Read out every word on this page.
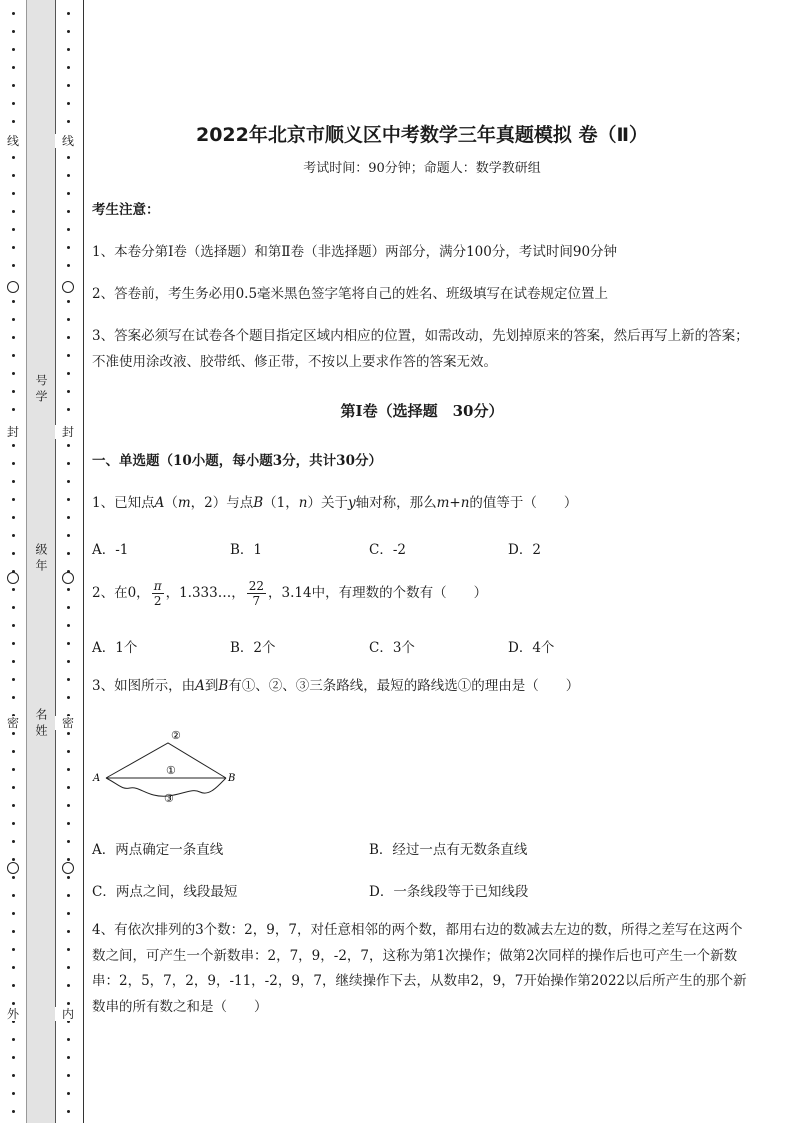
线
封
密
外
号学
级年
名姓
线
封
密
内
2022年北京市顺义区中考数学三年真题模拟 卷（Ⅱ）
考试时间：90分钟；命题人：数学教研组
考生注意：
1、本卷分第Ⅰ卷（选择题）和第Ⅱ卷（非选择题）两部分，满分100分，考试时间90分钟
2、答卷前，考生务必用0.5毫米黑色签字笔将自己的姓名、班级填写在试卷规定位置上
3、答案必须写在试卷各个题目指定区域内相应的位置，如需改动，先划掉原来的答案，然后再写上新的答案；不准使用涂改液、胶带纸、修正带，不按以上要求作答的答案无效。
第Ⅰ卷（选择题　30分）
一、单选题（10小题，每小题3分，共计30分）
1、已知点A（m，2）与点B（1，n）关于y轴对称，那么m+n的值等于（　　）
A．-1	B．1	C．-2	D．2
2、在0， $\frac{\pi}{2}$ ，1.333…， $\frac{22}{7}$ ，3.14中，有理数的个数有（　　）
A．1个	B．2个	C．3个	D．4个
3、如图所示，由A到B有①、②、③三条路线，最短的路线选①的理由是（　　）
A	B
②
①
③
A．两点确定一条直线	B．经过一点有无数条直线
C．两点之间，线段最短	D．一条线段等于已知线段
4、有依次排列的3个数：2，9，7，对任意相邻的两个数，都用右边的数减去左边的数，所得之差写在这两个数之间，可产生一个新数串：2，7，9，-2，7，这称为第1次操作；做第2次同样的操作后也可产生一个新数串：2，5，7，2，9，-11，-2，9，7，继续操作下去，从数串2，9，7开始操作第2022以后所产生的那个新数串的所有数之和是（　　）
